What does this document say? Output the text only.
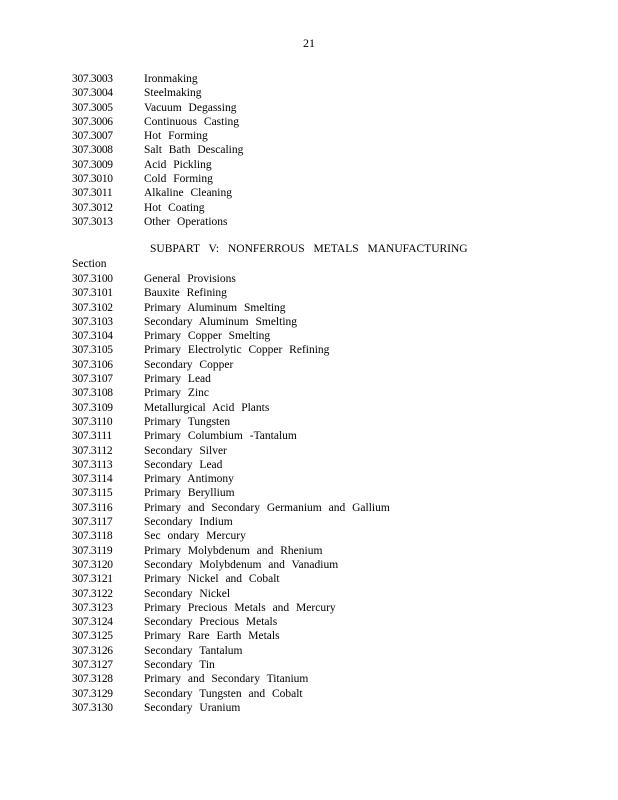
21
307.3003	Ironmaking
307.3004	Steelmaking
307.3005	Vacuum Degassing
307.3006	Continuous Casting
307.3007	Hot Forming
307.3008	Salt Bath Descaling
307.3009	Acid Pickling
307.3010	Cold Forming
307.3011	Alkaline Cleaning
307.3012	Hot Coating
307.3013	Other Operations
SUBPART V: NONFERROUS METALS MANUFACTURING
Section
307.3100	General Provisions
307.3101	Bauxite Refining
307.3102	Primary Aluminum Smelting
307.3103	Secondary Aluminum Smelting
307.3104	Primary Copper Smelting
307.3105	Primary Electrolytic Copper Refining
307.3106	Secondary Copper
307.3107	Primary Lead
307.3108	Primary Zinc
307.3109	Metallurgical Acid Plants
307.3110	Primary Tungsten
307.3111	Primary Columbium -Tantalum
307.3112	Secondary Silver
307.3113	Secondary Lead
307.3114	Primary Antimony
307.3115	Primary Beryllium
307.3116	Primary and Secondary Germanium and Gallium
307.3117	Secondary Indium
307.3118	Sec ondary Mercury
307.3119	Primary Molybdenum and Rhenium
307.3120	Secondary Molybdenum and Vanadium
307.3121	Primary Nickel and Cobalt
307.3122	Secondary Nickel
307.3123	Primary Precious Metals and Mercury
307.3124	Secondary Precious Metals
307.3125	Primary Rare Earth Metals
307.3126	Secondary Tantalum
307.3127	Secondary Tin
307.3128	Primary and Secondary Titanium
307.3129	Secondary Tungsten and Cobalt
307.3130	Secondary Uranium
